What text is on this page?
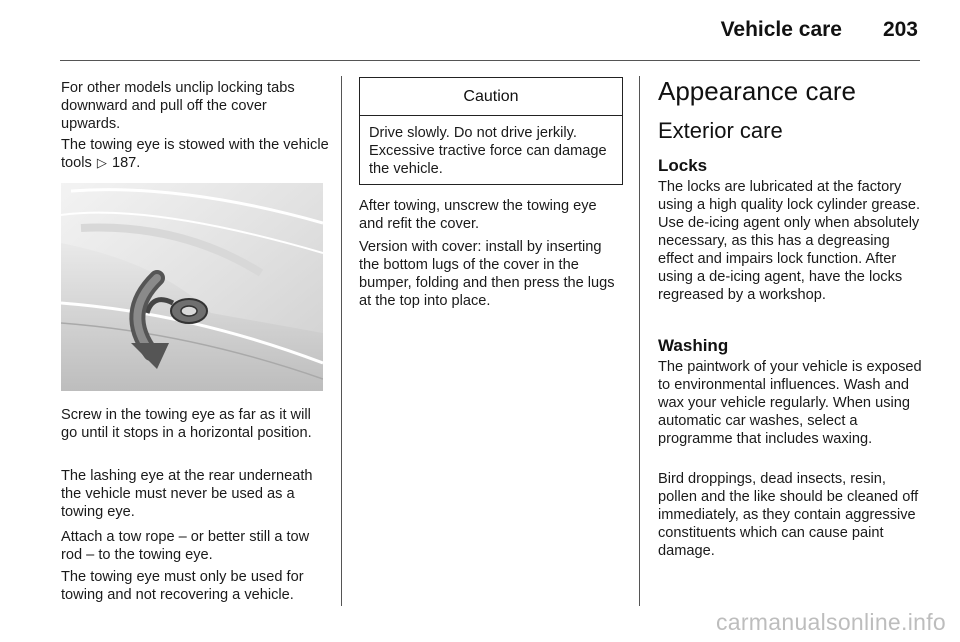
Vehicle care 203

For other models unclip locking tabs downward and pull off the cover upwards.

The towing eye is stowed with the vehicle tools ▷ 187.

Screw in the towing eye as far as it will go until it stops in a horizontal position.

The lashing eye at the rear underneath the vehicle must never be used as a towing eye.

Attach a tow rope – or better still a tow rod – to the towing eye.

The towing eye must only be used for towing and not recovering a vehicle.

Caution

Drive slowly. Do not drive jerkily. Excessive tractive force can damage the vehicle.

After towing, unscrew the towing eye and refit the cover.

Version with cover: install by inserting the bottom lugs of the cover in the bumper, folding and then press the lugs at the top into place.

Appearance care
Exterior care
Locks

The locks are lubricated at the factory using a high quality lock cylinder grease. Use de-icing agent only when absolutely necessary, as this has a degreasing effect and impairs lock function. After using a de-icing agent, have the locks regreased by a workshop.

Washing

The paintwork of your vehicle is exposed to environmental influences. Wash and wax your vehicle regularly. When using automatic car washes, select a programme that includes waxing.

Bird droppings, dead insects, resin, pollen and the like should be cleaned off immediately, as they contain aggressive constituents which can cause paint damage.

carmanualsonline.info
